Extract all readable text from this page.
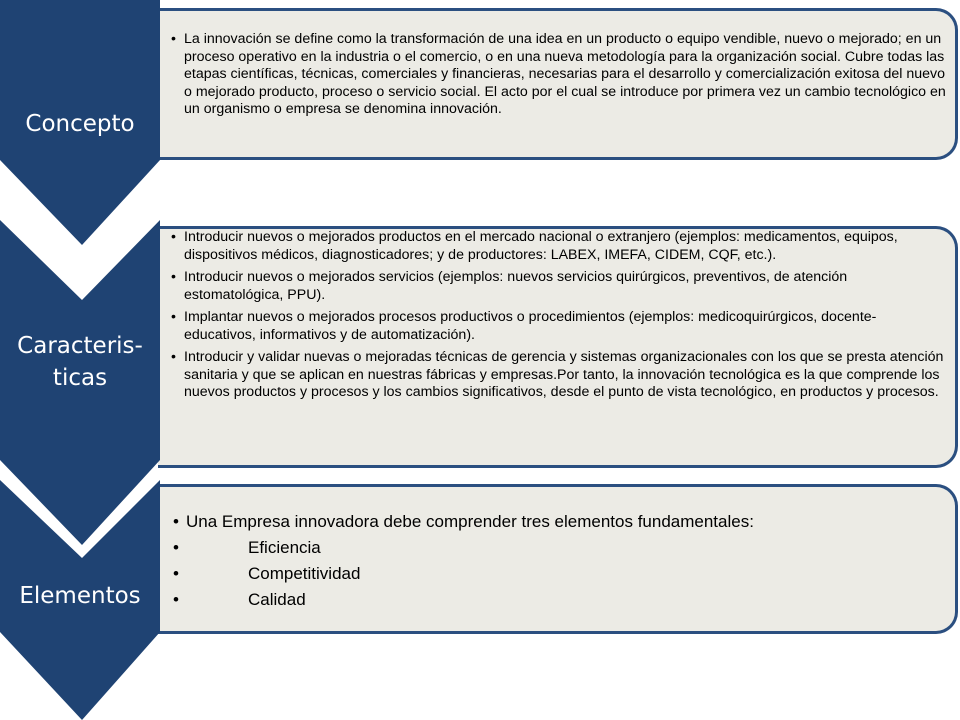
• La innovación se define como la transformación de una idea en un producto o equipo vendible, nuevo o mejorado; en un proceso operativo en la industria o el comercio, o en una nueva metodología para la organización social. Cubre todas las etapas científicas, técnicas, comerciales y financieras, necesarias para el desarrollo y comercialización exitosa del nuevo o mejorado producto, proceso o servicio social. El acto por el cual se introduce por primera vez un cambio tecnológico en un organismo o empresa se denomina innovación.
• Introducir nuevos o mejorados productos en el mercado nacional o extranjero (ejemplos: medicamentos, equipos, dispositivos médicos, diagnosticadores; y de productores: LABEX, IMEFA, CIDEM, CQF, etc.).
• Introducir nuevos o mejorados servicios (ejemplos: nuevos servicios quirúrgicos, preventivos, de atención estomatológica, PPU).
• Implantar nuevos o mejorados procesos productivos o procedimientos (ejemplos: medicoquirúrgicos, docente-educativos, informativos y de automatización).
• Introducir y validar nuevas o mejoradas técnicas de gerencia y sistemas organizacionales con los que se presta atención sanitaria y que se aplican en nuestras fábricas y empresas.Por tanto, la innovación tecnológica es la que comprende los nuevos productos y procesos y los cambios significativos, desde el punto de vista tecnológico, en productos y procesos.
• Una Empresa innovadora debe comprender tres elementos fundamentales:
• Eficiencia
• Competitividad
• Calidad
Concepto
Caracteris-
ticas
Elementos
